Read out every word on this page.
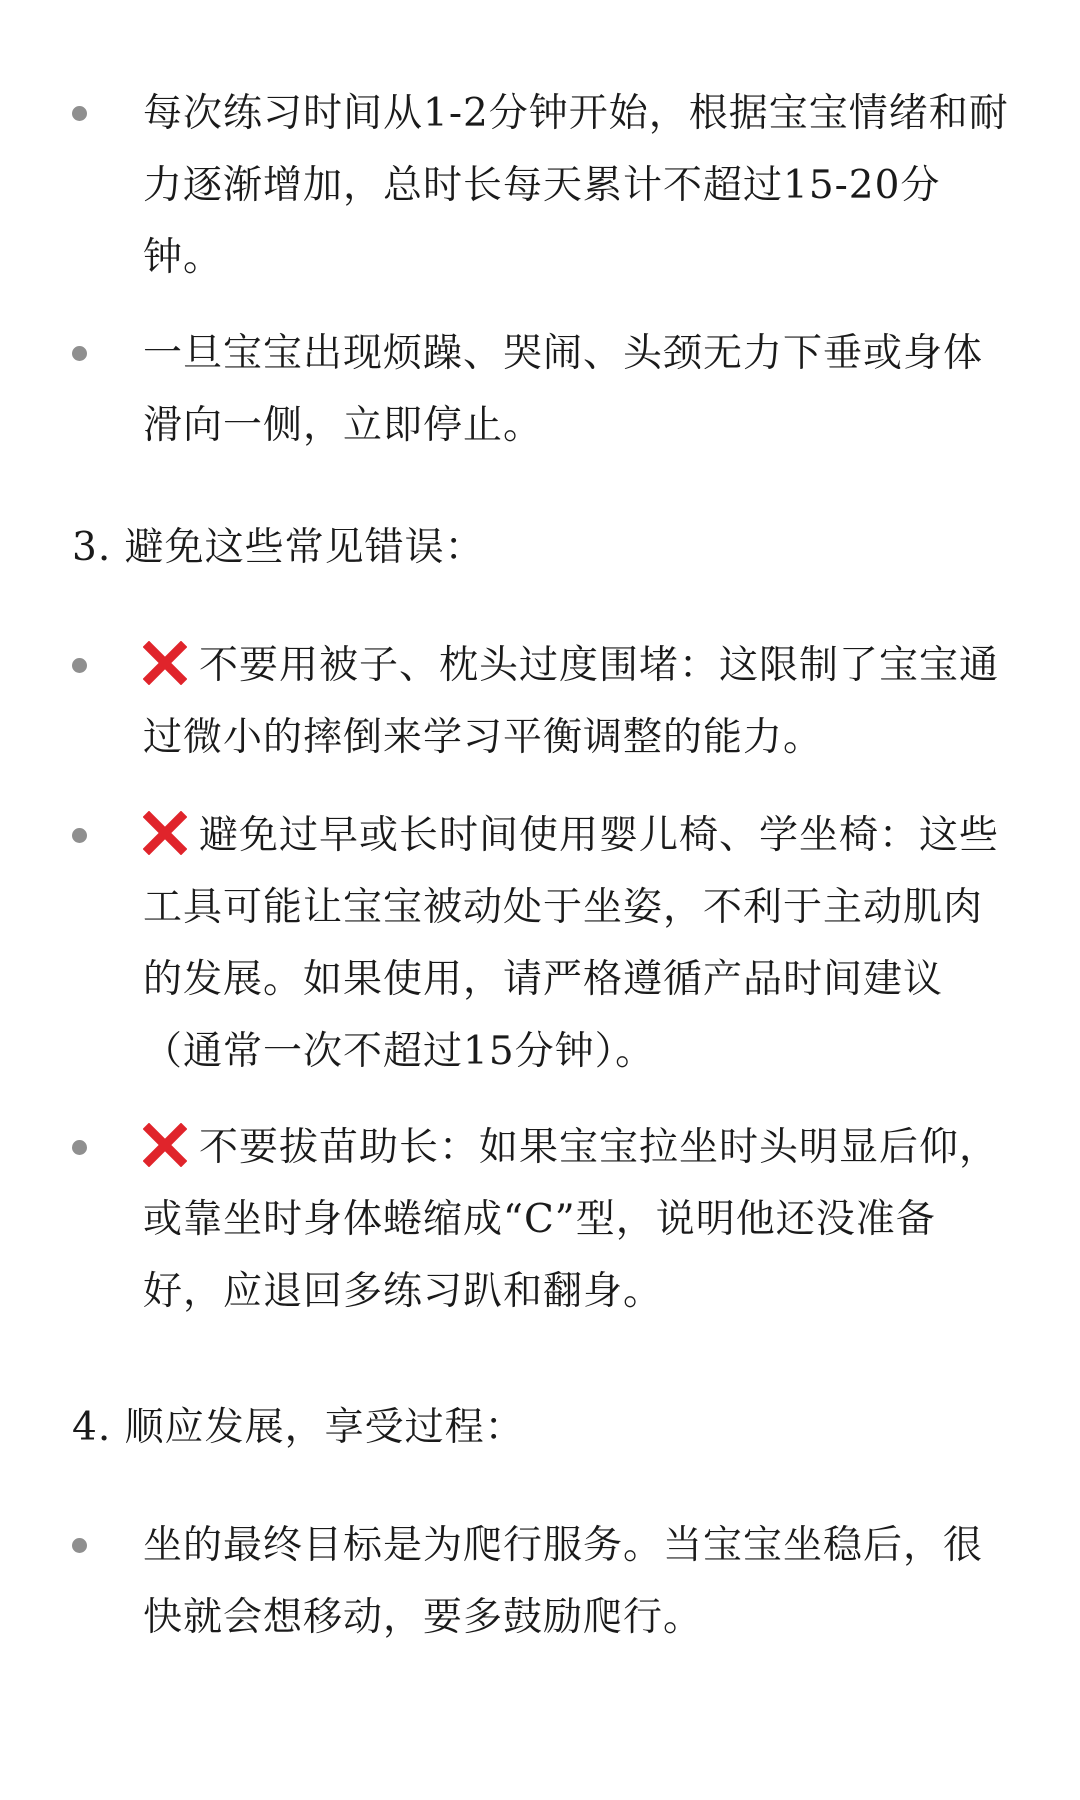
每次练习时间从1-2分钟开始，根据宝宝情绪和耐力逐渐增加，总时长每天累计不超过15-20分钟。
一旦宝宝出现烦躁、哭闹、头颈无力下垂或身体滑向一侧，立即停止。
3. 避免这些常见错误：
不要用被子、枕头过度围堵：这限制了宝宝通过微小的摔倒来学习平衡调整的能力。
避免过早或长时间使用婴儿椅、学坐椅：这些工具可能让宝宝被动处于坐姿，不利于主动肌肉的发展。如果使用，请严格遵循产品时间建议（通常一次不超过15分钟）。
不要拔苗助长：如果宝宝拉坐时头明显后仰，或靠坐时身体蜷缩成“C”型，说明他还没准备好，应退回多练习趴和翻身。
4. 顺应发展，享受过程：
坐的最终目标是为爬行服务。当宝宝坐稳后，很快就会想移动，要多鼓励爬行。
